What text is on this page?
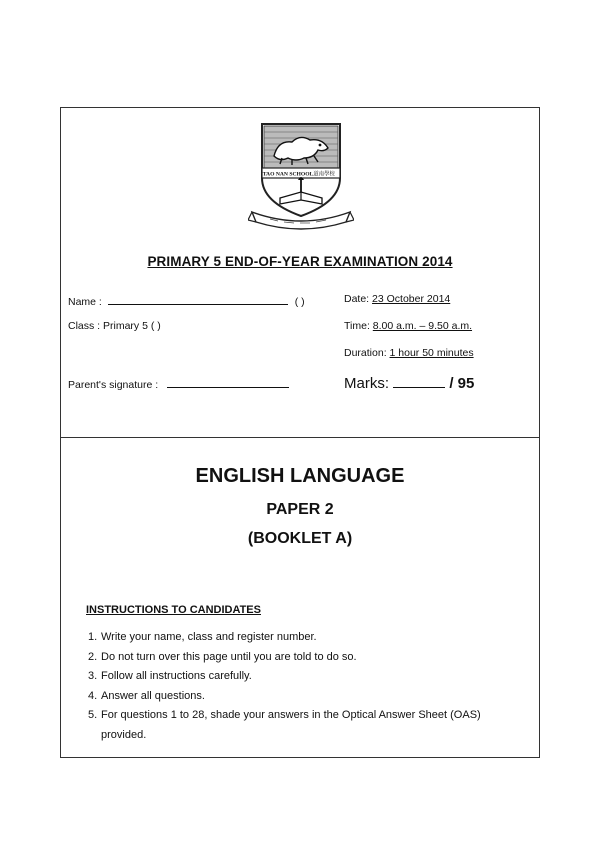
TAO NAN SCHOOL 道南學校
PRIMARY 5 END-OF-YEAR EXAMINATION 2014
Name :	( )
Class : Primary 5 ( )
Parent's signature :
Date: 23 October 2014
Time: 8.00 a.m. – 9.50 a.m.
Duration: 1 hour 50 minutes
Marks:	/ 95
ENGLISH LANGUAGE
PAPER 2
(BOOKLET A)
INSTRUCTIONS TO CANDIDATES
1. Write your name, class and register number.
2. Do not turn over this page until you are told to do so.
3. Follow all instructions carefully.
4. Answer all questions.
5. For questions 1 to 28, shade your answers in the Optical Answer Sheet (OAS) provided.
